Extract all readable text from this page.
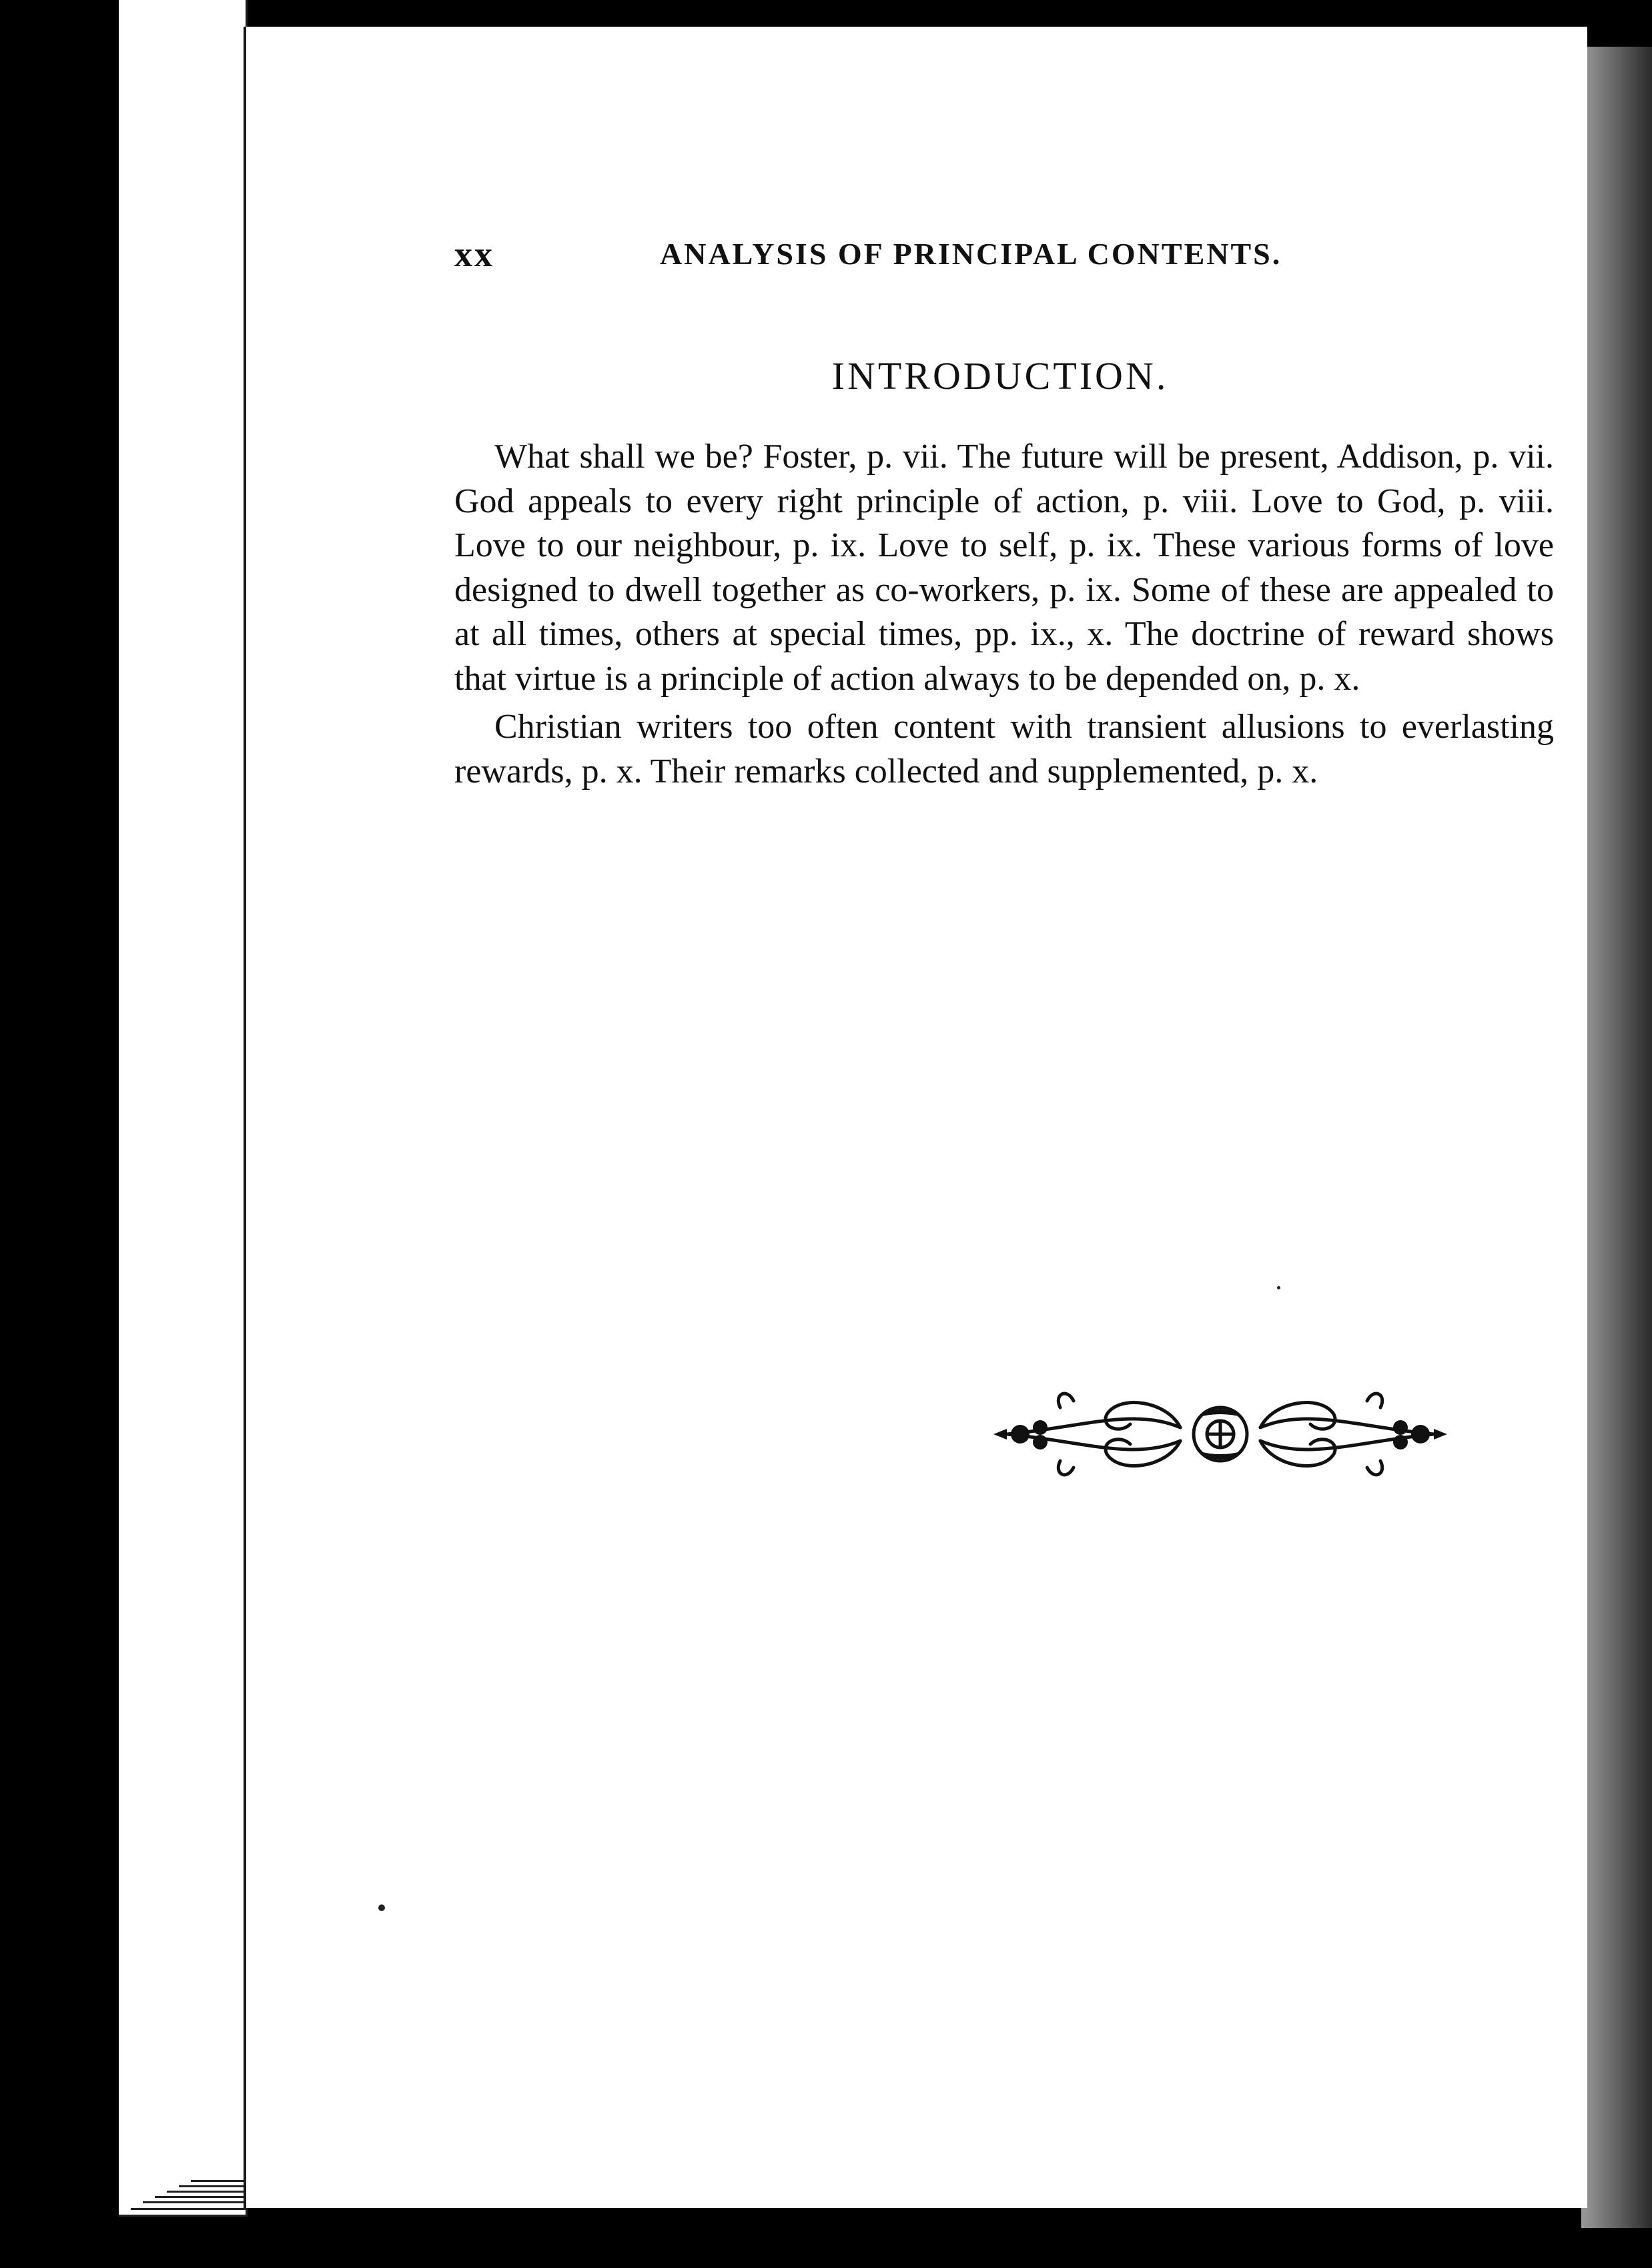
xx	ANALYSIS OF PRINCIPAL CONTENTS.
INTRODUCTION.

What shall we be? Foster, p. vii. The future will be present, Addison, p. vii. God appeals to every right principle of action, p. viii. Love to God, p. viii. Love to our neighbour, p. ix. Love to self, p. ix. These various forms of love designed to dwell together as co-workers, p. ix. Some of these are appealed to at all times, others at special times, pp. ix., x. The doctrine of reward shows that virtue is a principle of action always to be depended on, p. x.

Christian writers too often content with transient allusions to everlasting rewards, p. x. Their remarks collected and supplemented, p. x.
